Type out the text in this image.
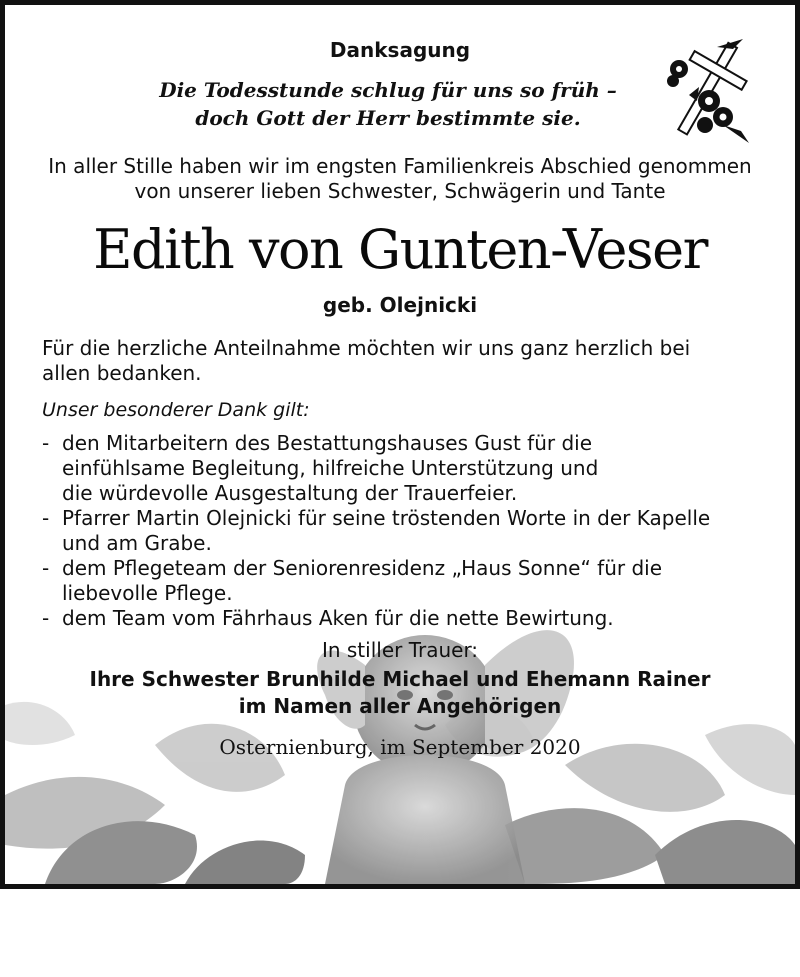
Danksagung
Die Todesstunde schlug für uns so früh –
doch Gott der Herr bestimmte sie.
In aller Stille haben wir im engsten Familienkreis Abschied genommen
von unserer lieben Schwester, Schwägerin und Tante
Edith von Gunten-Veser
geb. Olejnicki
Für die herzliche Anteilnahme möchten wir uns ganz herzlich bei
allen bedanken.
Unser besonderer Dank gilt:
- den Mitarbeitern des Bestattungshauses Gust für die
einfühlsame Begleitung, hilfreiche Unterstützung und
die würdevolle Ausgestaltung der Trauerfeier.
- Pfarrer Martin Olejnicki für seine tröstenden Worte in der Kapelle
und am Grabe.
- dem Pflegeteam der Seniorenresidenz „Haus Sonne“ für die
liebevolle Pflege.
- dem Team vom Fährhaus Aken für die nette Bewirtung.
In stiller Trauer:
Ihre Schwester Brunhilde Michael und Ehemann Rainer
im Namen aller Angehörigen
Osternienburg, im September 2020
